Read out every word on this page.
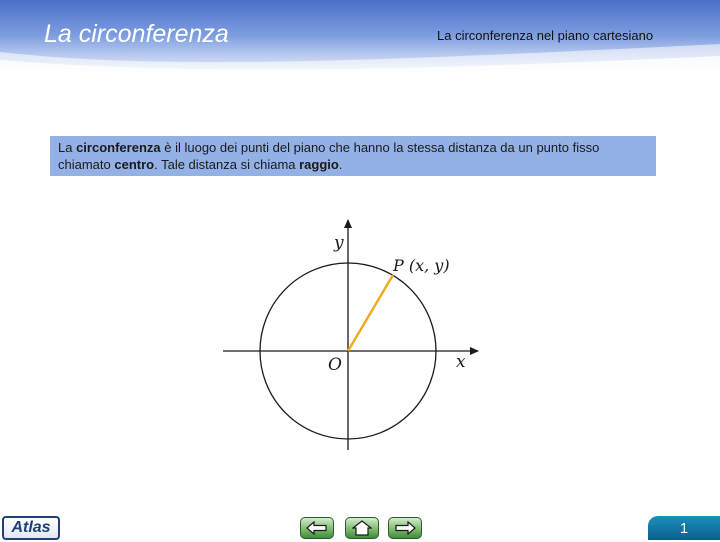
La circonferenza	La circonferenza nel piano cartesiano
La circonferenza è il luogo dei punti del piano che hanno la stessa distanza da un punto fisso chiamato centro. Tale distanza si chiama raggio.
y
x
O
P (x, y)
Atlas	1
